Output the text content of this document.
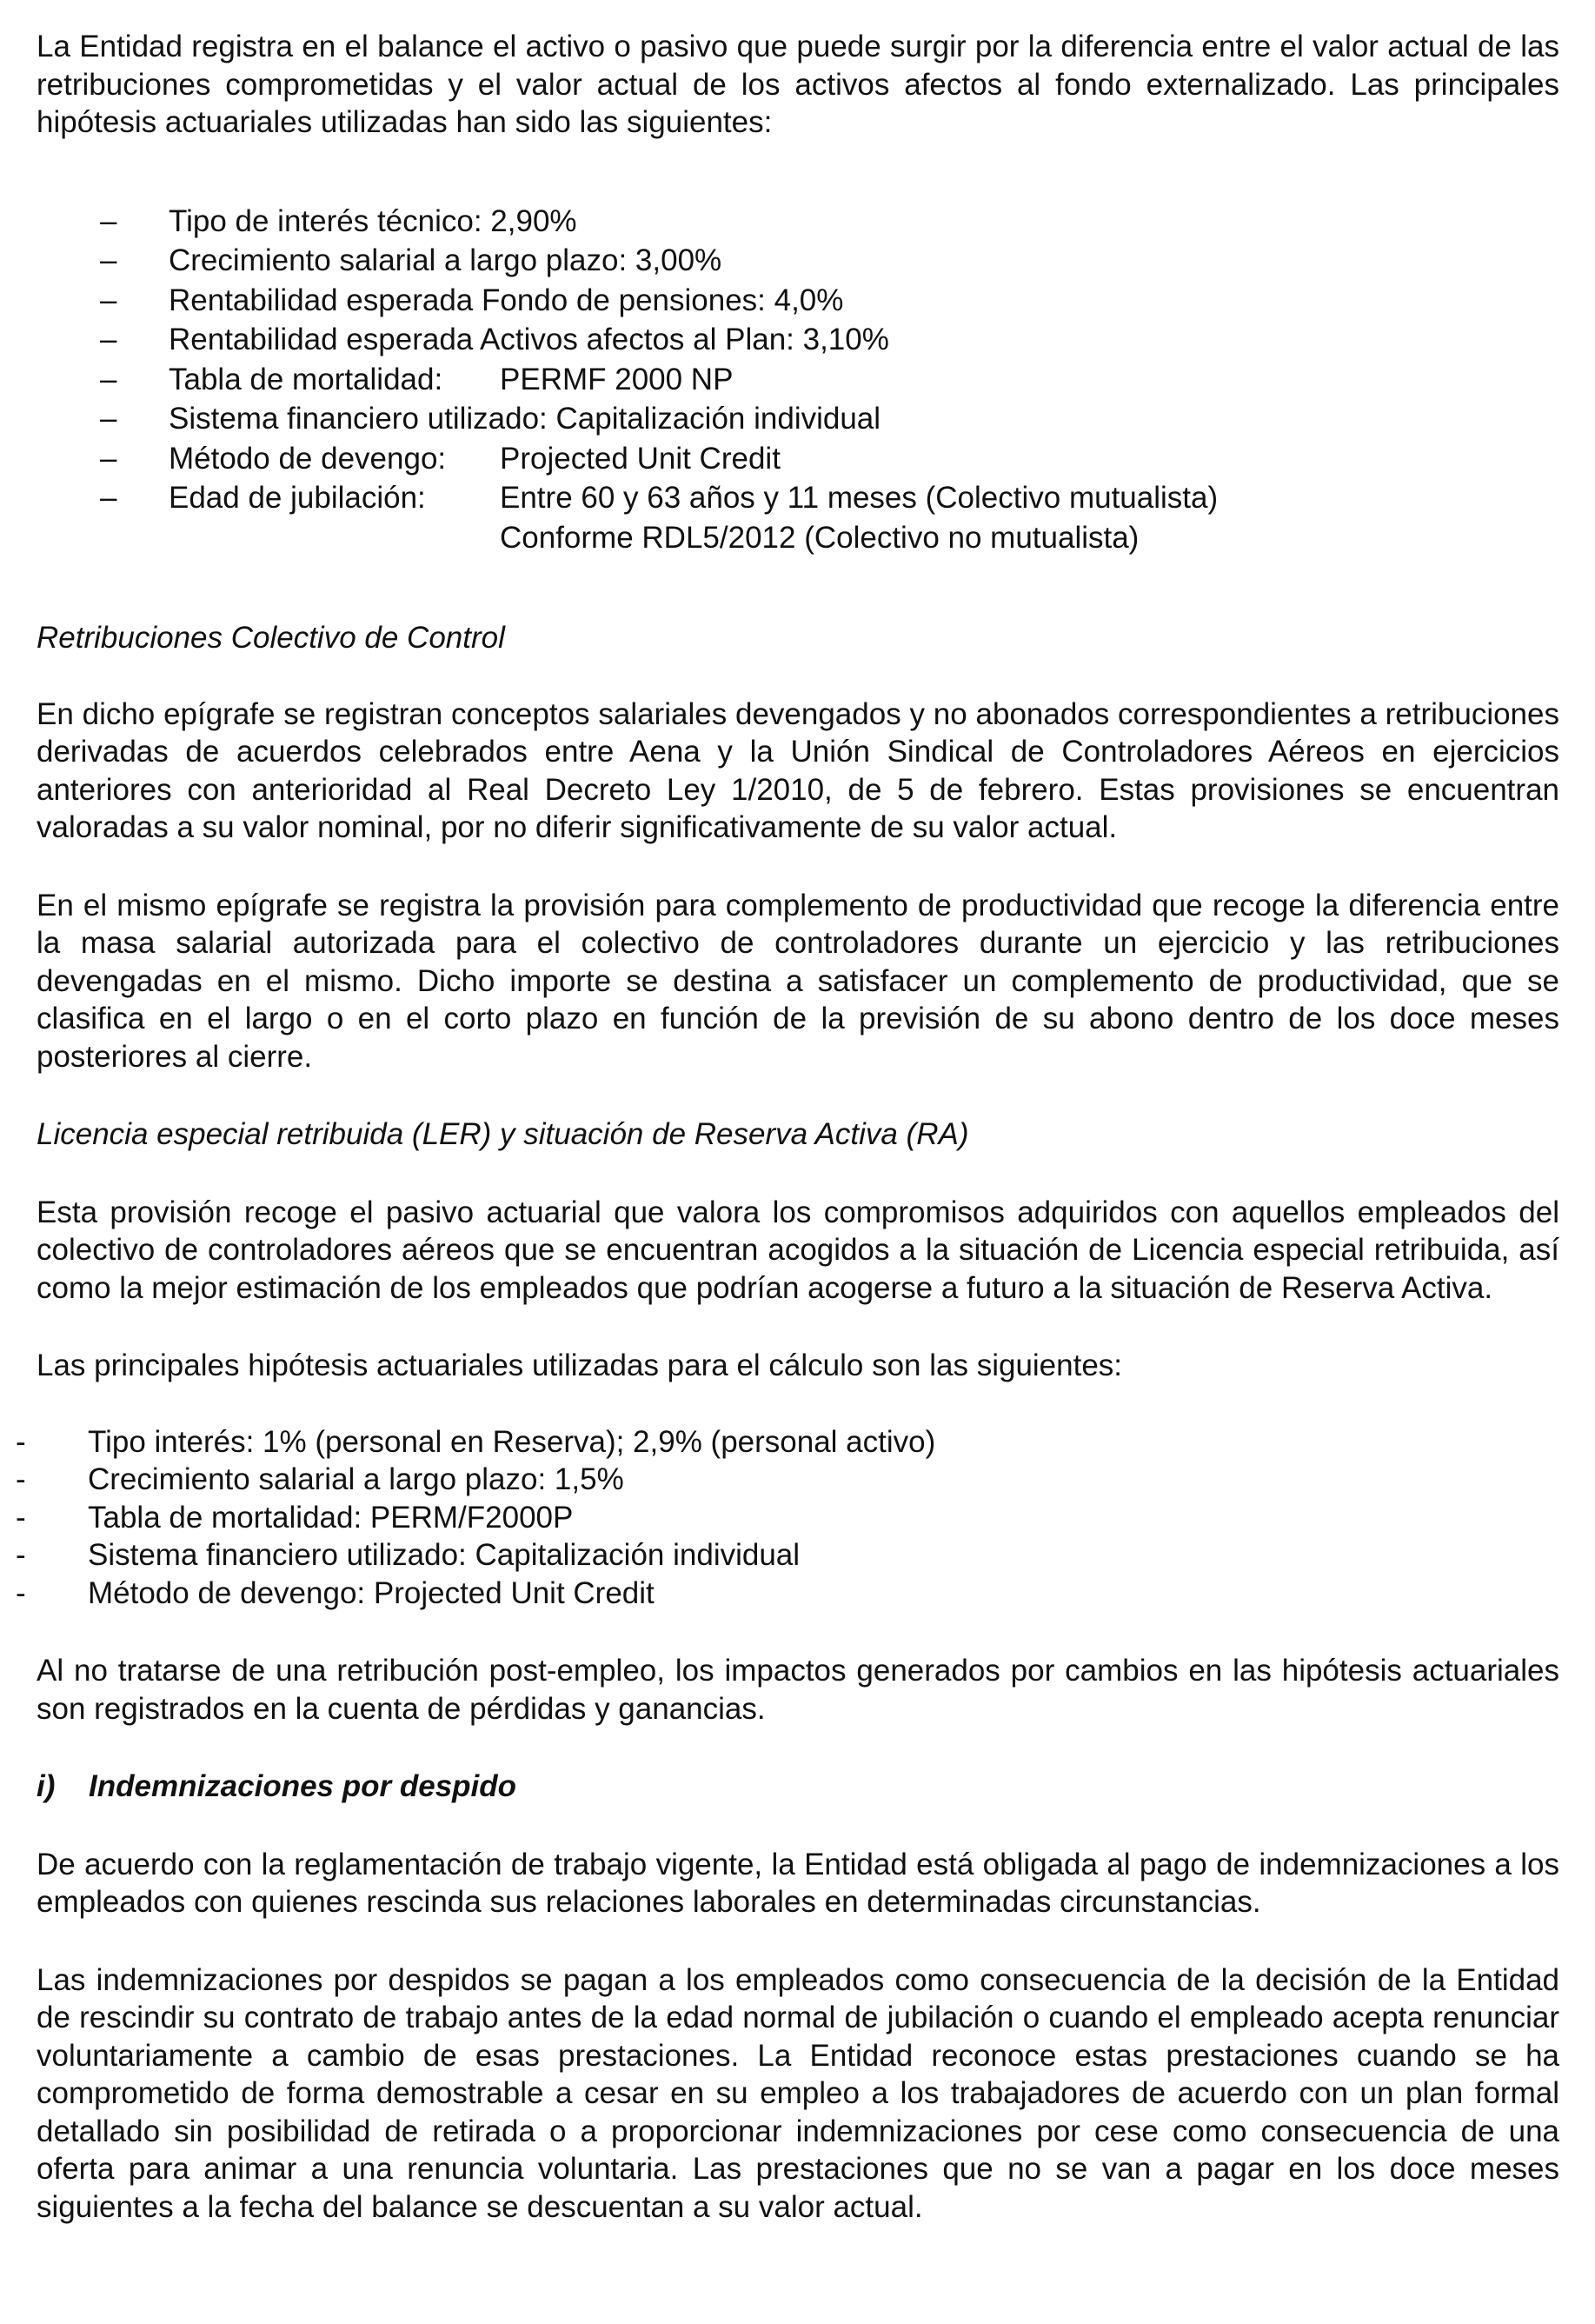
La Entidad registra en el balance el activo o pasivo que puede surgir por la diferencia entre el valor actual de las retribuciones comprometidas y el valor actual de los activos afectos al fondo externalizado. Las principales hipótesis actuariales utilizadas han sido las siguientes:

– Tipo de interés técnico: 2,90%
– Crecimiento salarial a largo plazo: 3,00%
– Rentabilidad esperada Fondo de pensiones: 4,0%
– Rentabilidad esperada Activos afectos al Plan: 3,10%
– Tabla de mortalidad: PERMF 2000 NP
– Sistema financiero utilizado: Capitalización individual
– Método de devengo: Projected Unit Credit
– Edad de jubilación: Entre 60 y 63 años y 11 meses (Colectivo mutualista)
Conforme RDL5/2012 (Colectivo no mutualista)

Retribuciones Colectivo de Control

En dicho epígrafe se registran conceptos salariales devengados y no abonados correspondientes a retribuciones derivadas de acuerdos celebrados entre Aena y la Unión Sindical de Controladores Aéreos en ejercicios anteriores con anterioridad al Real Decreto Ley 1/2010, de 5 de febrero. Estas provisiones se encuentran valoradas a su valor nominal, por no diferir significativamente de su valor actual.

En el mismo epígrafe se registra la provisión para complemento de productividad que recoge la diferencia entre la masa salarial autorizada para el colectivo de controladores durante un ejercicio y las retribuciones devengadas en el mismo. Dicho importe se destina a satisfacer un complemento de productividad, que se clasifica en el largo o en el corto plazo en función de la previsión de su abono dentro de los doce meses posteriores al cierre.

Licencia especial retribuida (LER) y situación de Reserva Activa (RA)

Esta provisión recoge el pasivo actuarial que valora los compromisos adquiridos con aquellos empleados del colectivo de controladores aéreos que se encuentran acogidos a la situación de Licencia especial retribuida, así como la mejor estimación de los empleados que podrían acogerse a futuro a la situación de Reserva Activa.

Las principales hipótesis actuariales utilizadas para el cálculo son las siguientes:

- Tipo interés: 1% (personal en Reserva); 2,9% (personal activo)
- Crecimiento salarial a largo plazo: 1,5%
- Tabla de mortalidad: PERM/F2000P
- Sistema financiero utilizado: Capitalización individual
- Método de devengo: Projected Unit Credit

Al no tratarse de una retribución post-empleo, los impactos generados por cambios en las hipótesis actuariales son registrados en la cuenta de pérdidas y ganancias.

i) Indemnizaciones por despido

De acuerdo con la reglamentación de trabajo vigente, la Entidad está obligada al pago de indemnizaciones a los empleados con quienes rescinda sus relaciones laborales en determinadas circunstancias.

Las indemnizaciones por despidos se pagan a los empleados como consecuencia de la decisión de la Entidad de rescindir su contrato de trabajo antes de la edad normal de jubilación o cuando el empleado acepta renunciar voluntariamente a cambio de esas prestaciones. La Entidad reconoce estas prestaciones cuando se ha comprometido de forma demostrable a cesar en su empleo a los trabajadores de acuerdo con un plan formal detallado sin posibilidad de retirada o a proporcionar indemnizaciones por cese como consecuencia de una oferta para animar a una renuncia voluntaria. Las prestaciones que no se van a pagar en los doce meses siguientes a la fecha del balance se descuentan a su valor actual.
